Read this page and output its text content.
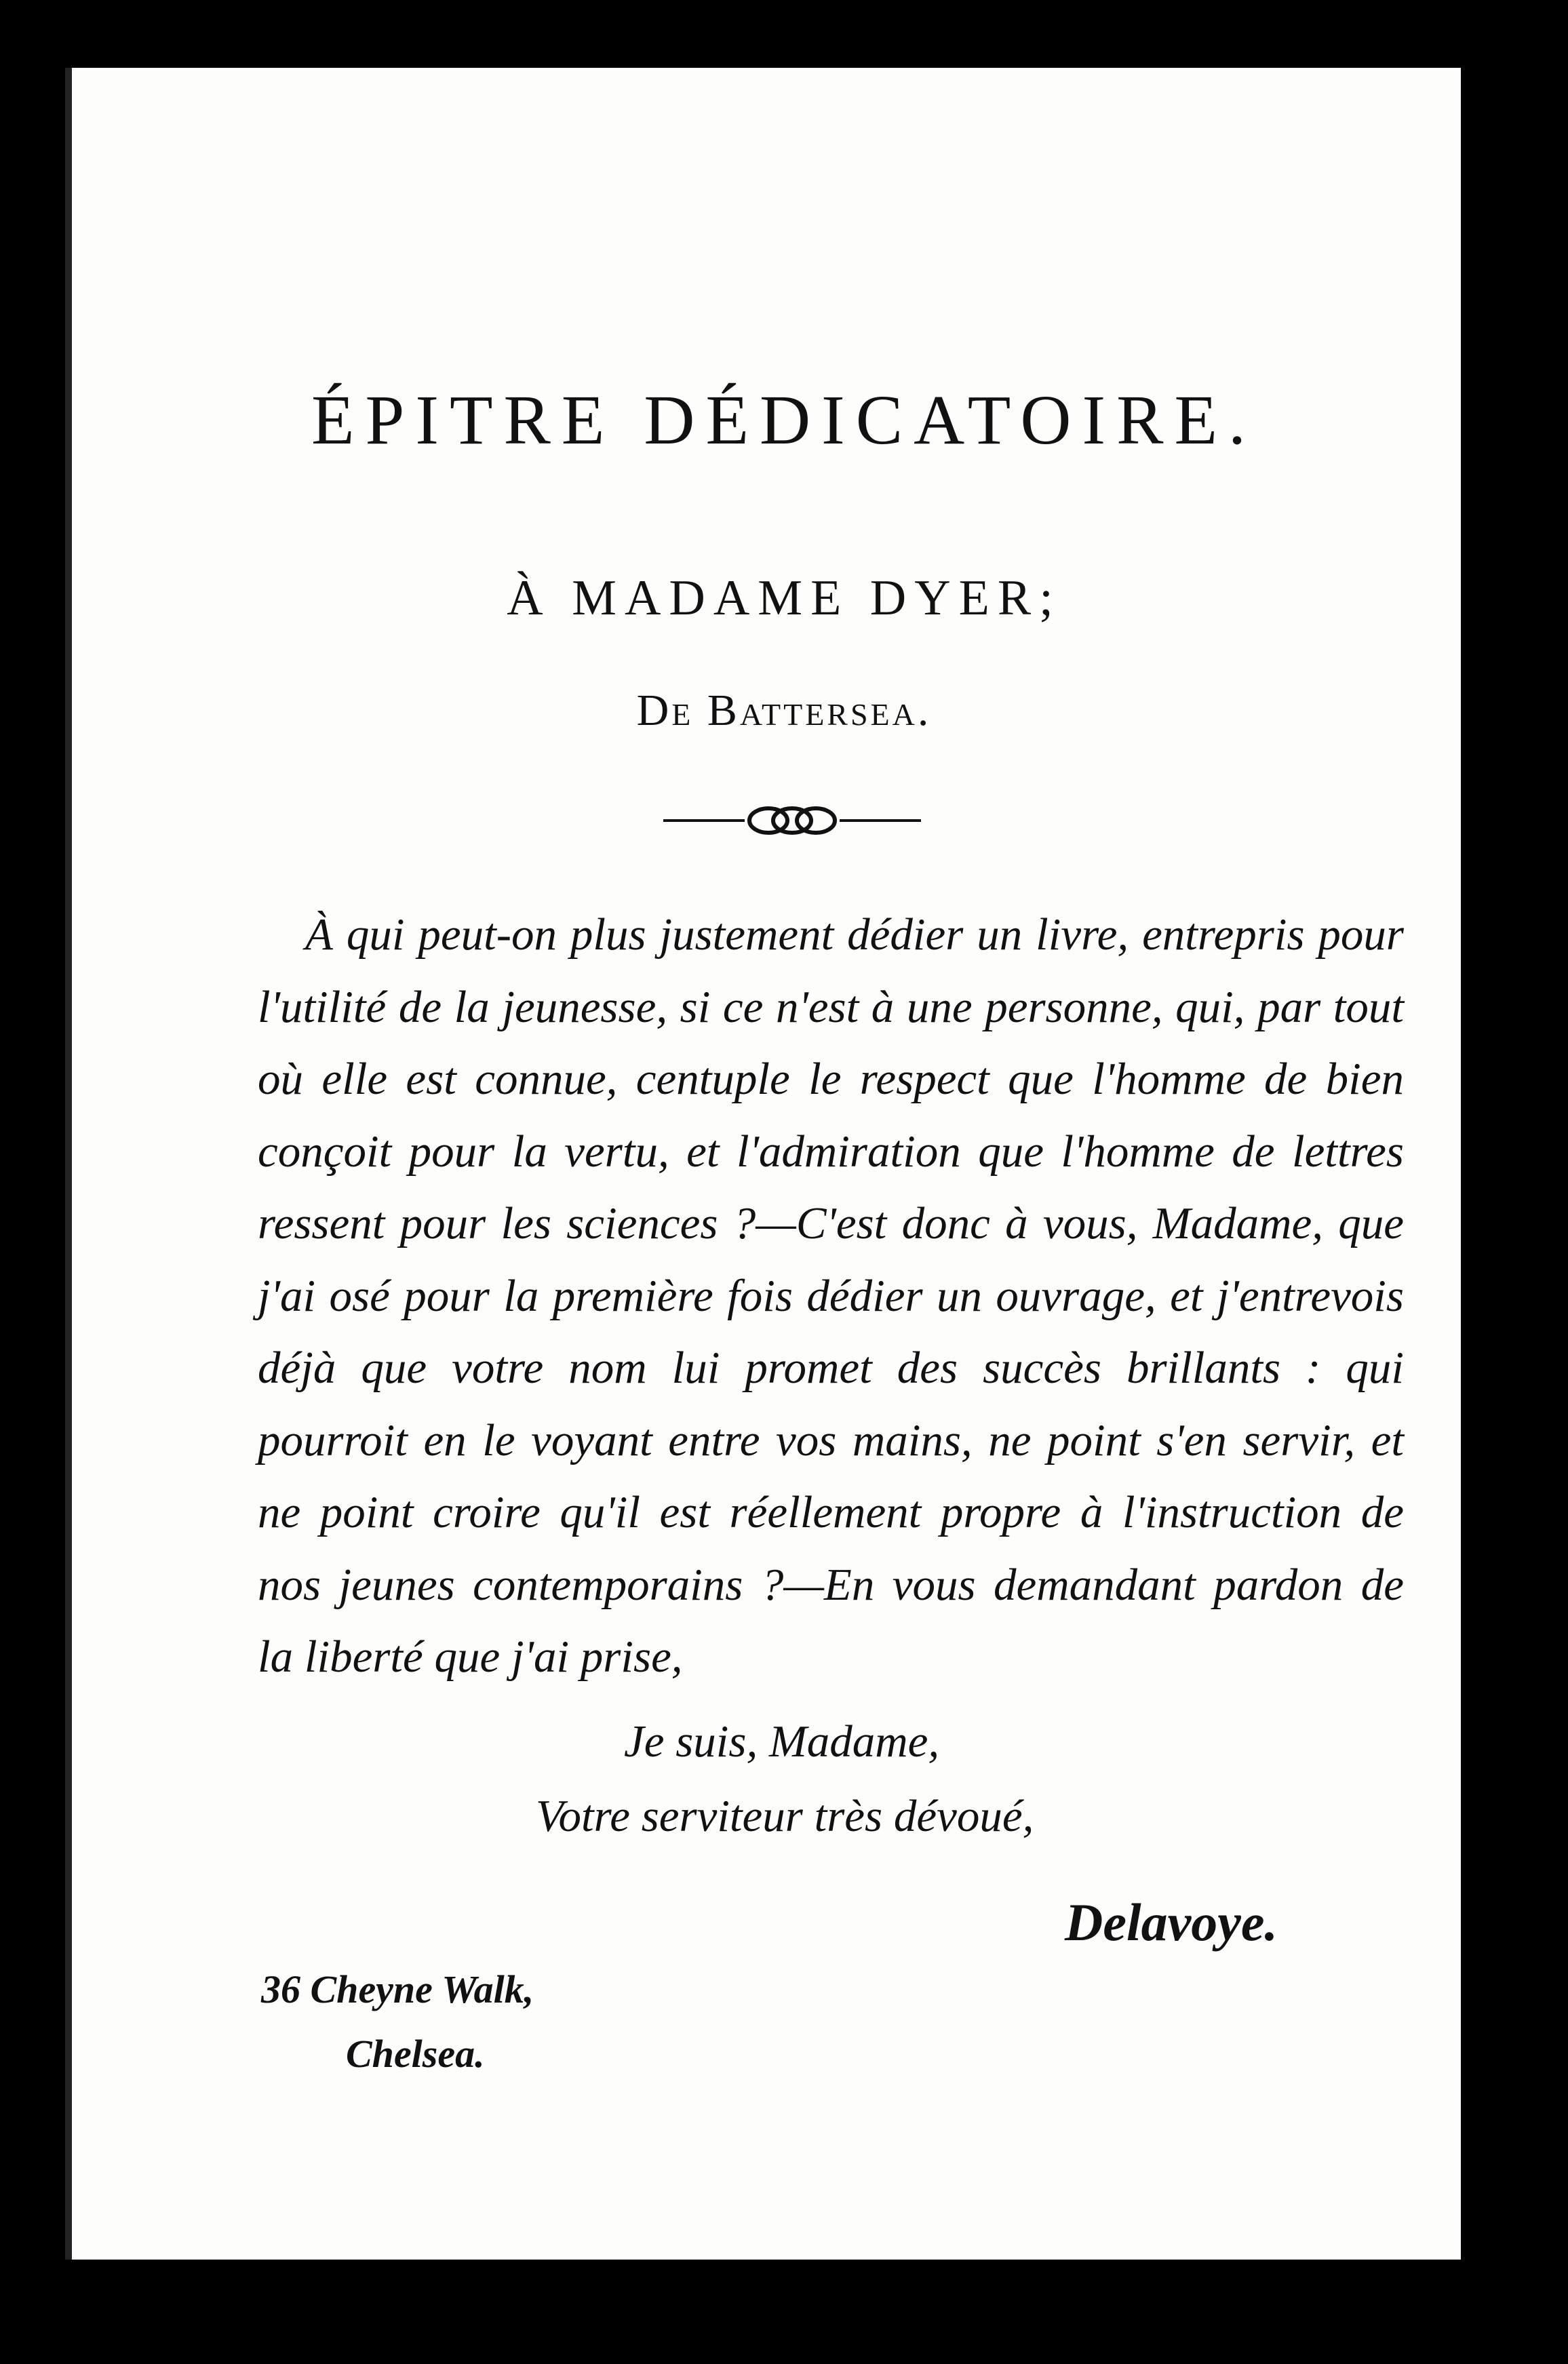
ÉPITRE DÉDICATOIRE.
À MADAME DYER;
De Battersea.

À qui peut-on plus justement dédier un livre, entrepris pour l'utilité de la jeunesse, si ce n'est à une personne, qui, par tout où elle est connue, centuple le respect que l'homme de bien conçoit pour la vertu, et l'admiration que l'homme de lettres ressent pour les sciences ?—C'est donc à vous, Madame, que j'ai osé pour la première fois dédier un ouvrage, et j'entrevois déjà que votre nom lui promet des succès brillants : qui pourroit en le voyant entre vos mains, ne point s'en servir, et ne point croire qu'il est réellement propre à l'instruction de nos jeunes contemporains ?—En vous demandant pardon de la liberté que j'ai prise,

Je suis, Madame,
Votre serviteur très dévoué,
Delavoye.
36 Cheyne Walk,
Chelsea.
